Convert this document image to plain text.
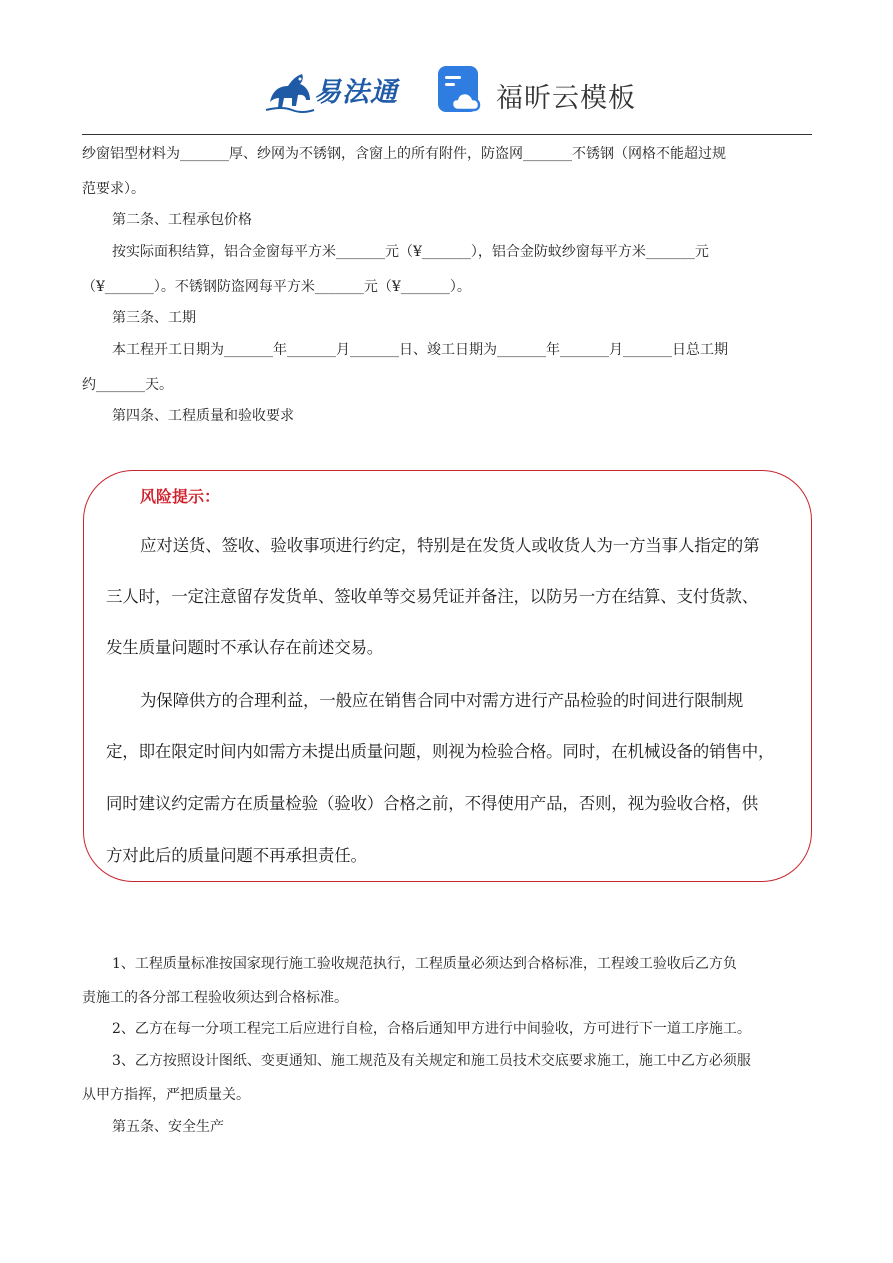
易法通	福昕云模板
纱窗铝型材料为_______厚、纱网为不锈钢，含窗上的所有附件，防盗网_______不锈钢（网格不能超过规
范要求）。
第二条、工程承包价格
按实际面积结算，铝合金窗每平方米_______元（¥_______），铝合金防蚊纱窗每平方米_______元
（¥_______）。不锈钢防盗网每平方米_______元（¥_______）。
第三条、工期
本工程开工日期为_______年_______月_______日、竣工日期为_______年_______月_______日总工期
约_______天。
第四条、工程质量和验收要求
风险提示：
应对送货、签收、验收事项进行约定，特别是在发货人或收货人为一方当事人指定的第
三人时，一定注意留存发货单、签收单等交易凭证并备注，以防另一方在结算、支付货款、
发生质量问题时不承认存在前述交易。
为保障供方的合理利益，一般应在销售合同中对需方进行产品检验的时间进行限制规
定，即在限定时间内如需方未提出质量问题，则视为检验合格。同时，在机械设备的销售中，
同时建议约定需方在质量检验（验收）合格之前，不得使用产品，否则，视为验收合格，供
方对此后的质量问题不再承担责任。
1、工程质量标准按国家现行施工验收规范执行，工程质量必须达到合格标准，工程竣工验收后乙方负
责施工的各分部工程验收须达到合格标准。
2、乙方在每一分项工程完工后应进行自检，合格后通知甲方进行中间验收，方可进行下一道工序施工。
3、乙方按照设计图纸、变更通知、施工规范及有关规定和施工员技术交底要求施工，施工中乙方必须服
从甲方指挥，严把质量关。
第五条、安全生产
